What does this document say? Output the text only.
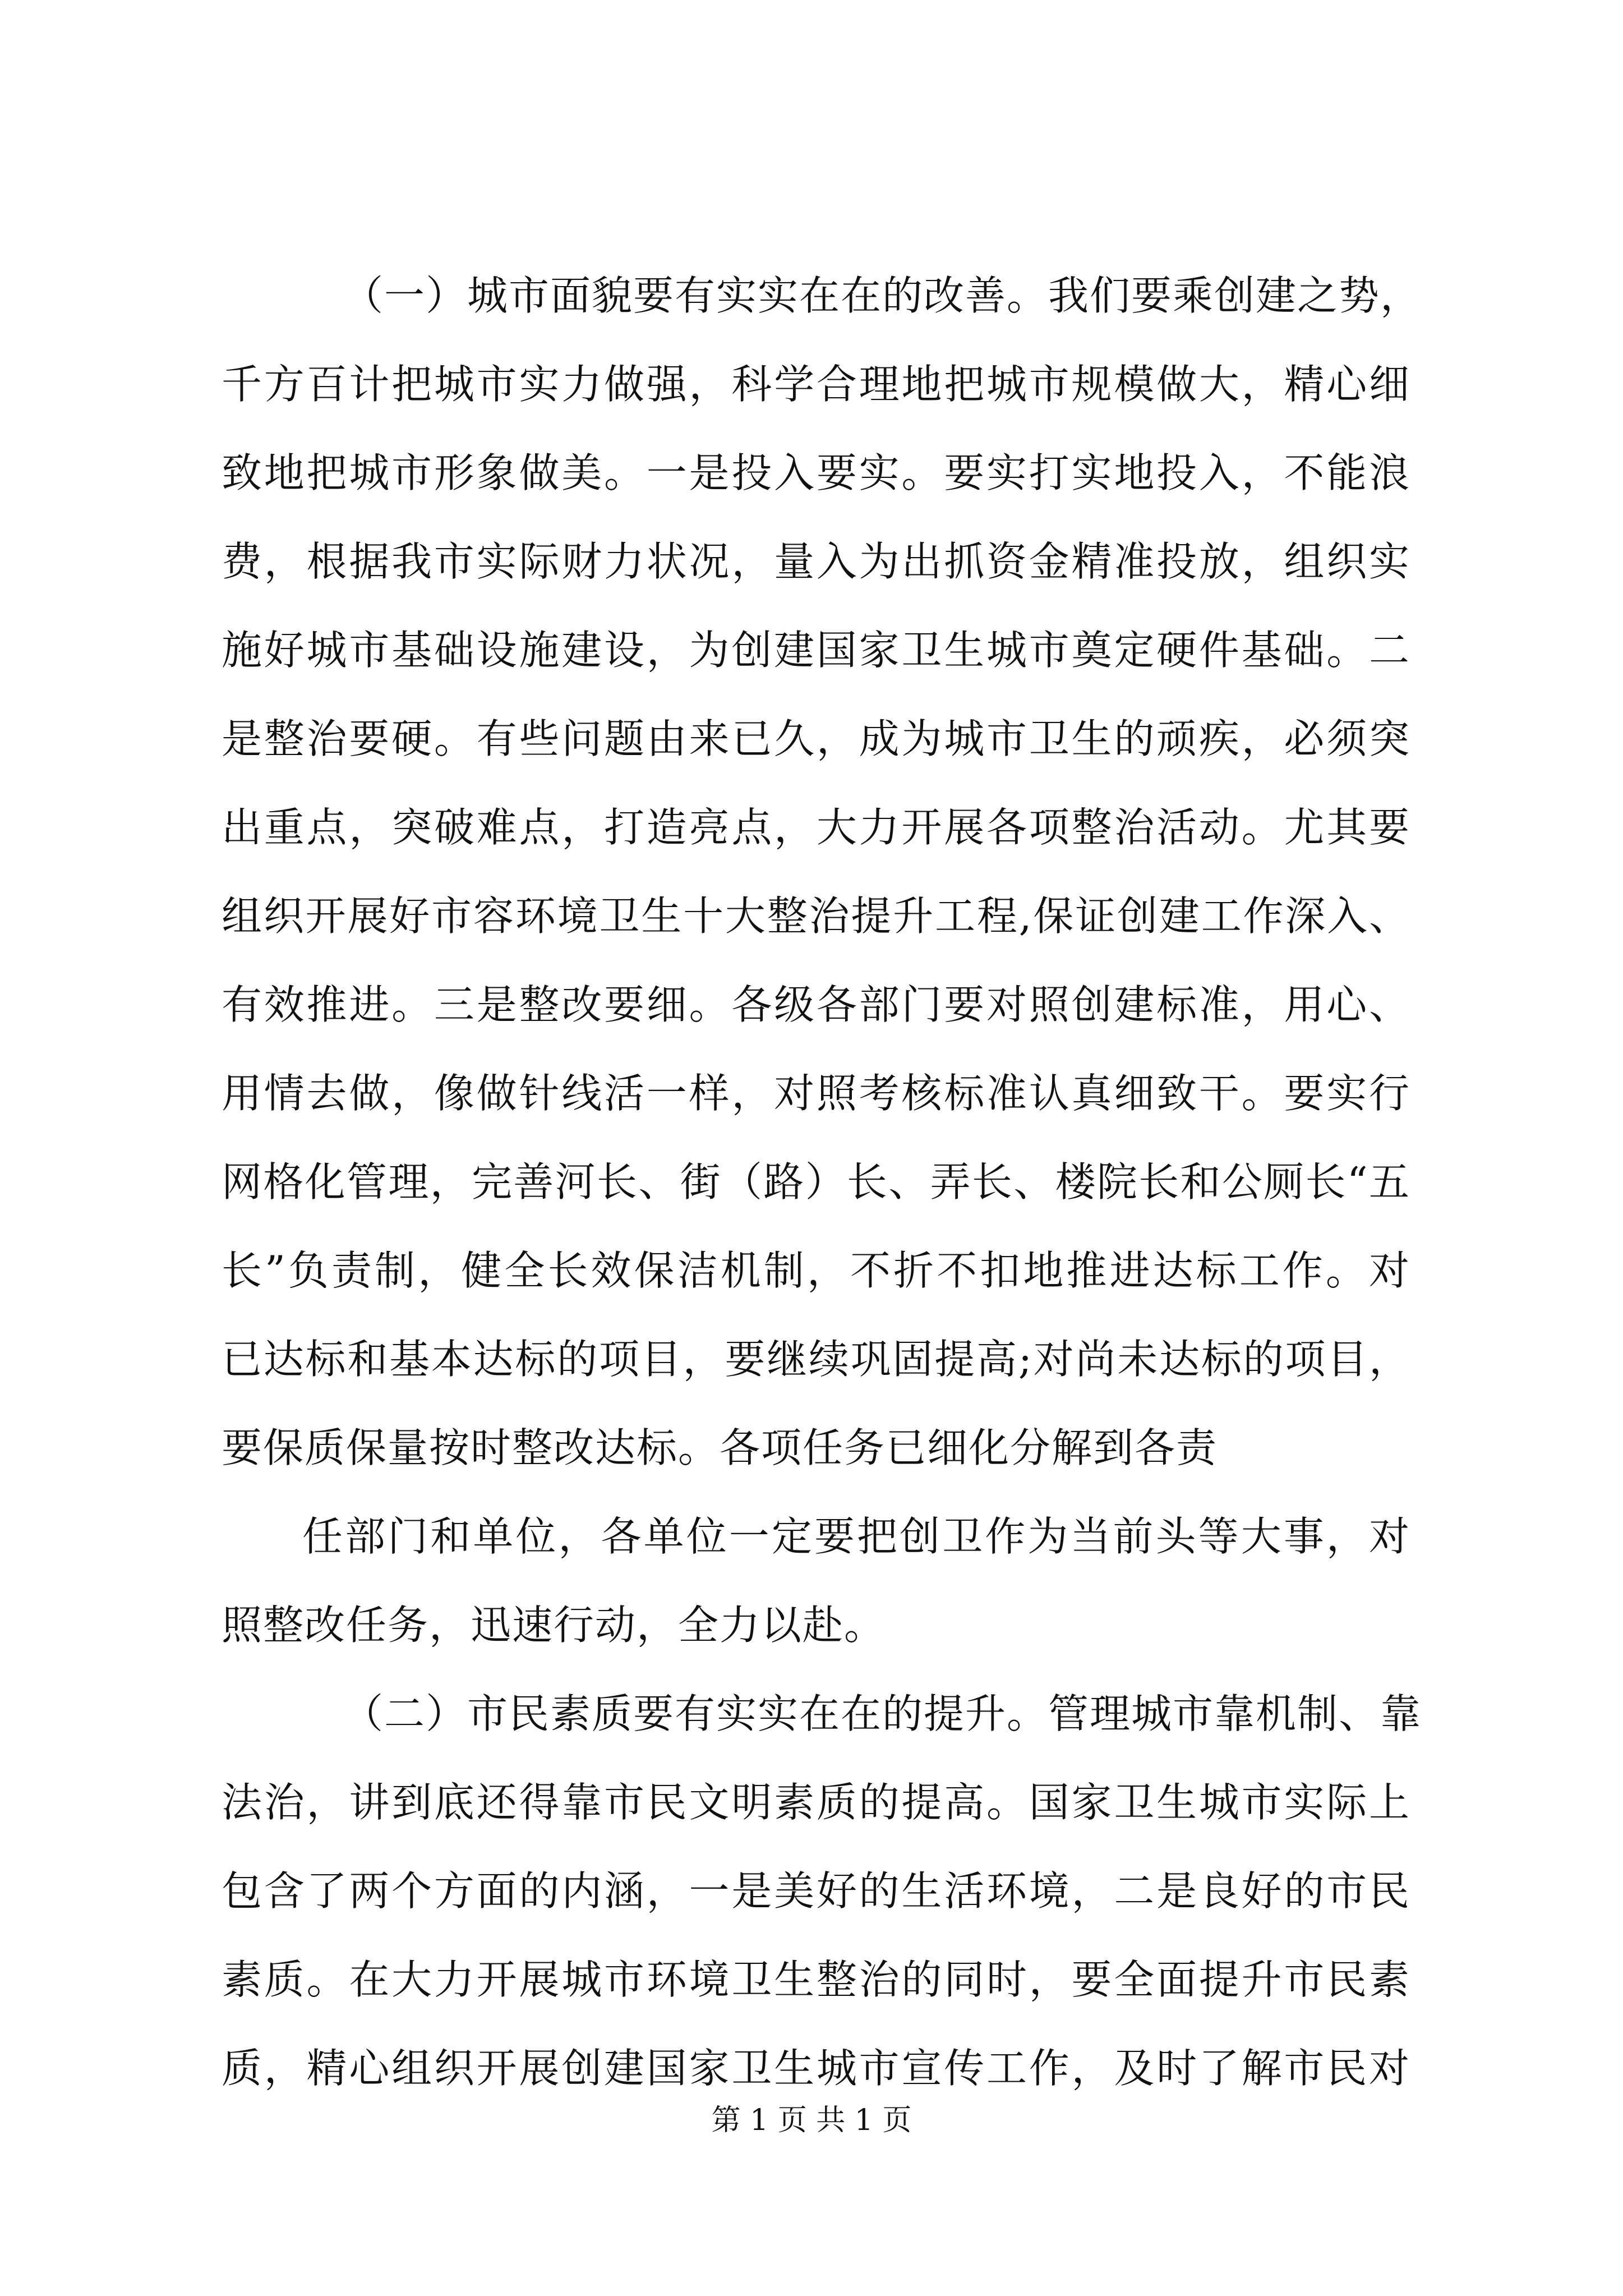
（一）城市面貌要有实实在在的改善。我们要乘创建之势，
千方百计把城市实力做强，科学合理地把城市规模做大，精心细
致地把城市形象做美。一是投入要实。要实打实地投入，不能浪
费，根据我市实际财力状况，量入为出抓资金精准投放，组织实
施好城市基础设施建设，为创建国家卫生城市奠定硬件基础。二
是整治要硬。有些问题由来已久，成为城市卫生的顽疾，必须突
出重点，突破难点，打造亮点，大力开展各项整治活动。尤其要
组织开展好市容环境卫生十大整治提升工程,保证创建工作深入、
有效推进。三是整改要细。各级各部门要对照创建标准，用心、
用情去做，像做针线活一样，对照考核标准认真细致干。要实行
网格化管理，完善河长、街（路）长、弄长、楼院长和公厕长“五
长”负责制，健全长效保洁机制，不折不扣地推进达标工作。对
已达标和基本达标的项目，要继续巩固提高;对尚未达标的项目，
要保质保量按时整改达标。各项任务已细化分解到各责
任部门和单位，各单位一定要把创卫作为当前头等大事，对
照整改任务，迅速行动，全力以赴。
（二）市民素质要有实实在在的提升。管理城市靠机制、靠
法治，讲到底还得靠市民文明素质的提高。国家卫生城市实际上
包含了两个方面的内涵，一是美好的生活环境，二是良好的市民
素质。在大力开展城市环境卫生整治的同时，要全面提升市民素
质，精心组织开展创建国家卫生城市宣传工作，及时了解市民对
第 1 页 共 1 页
